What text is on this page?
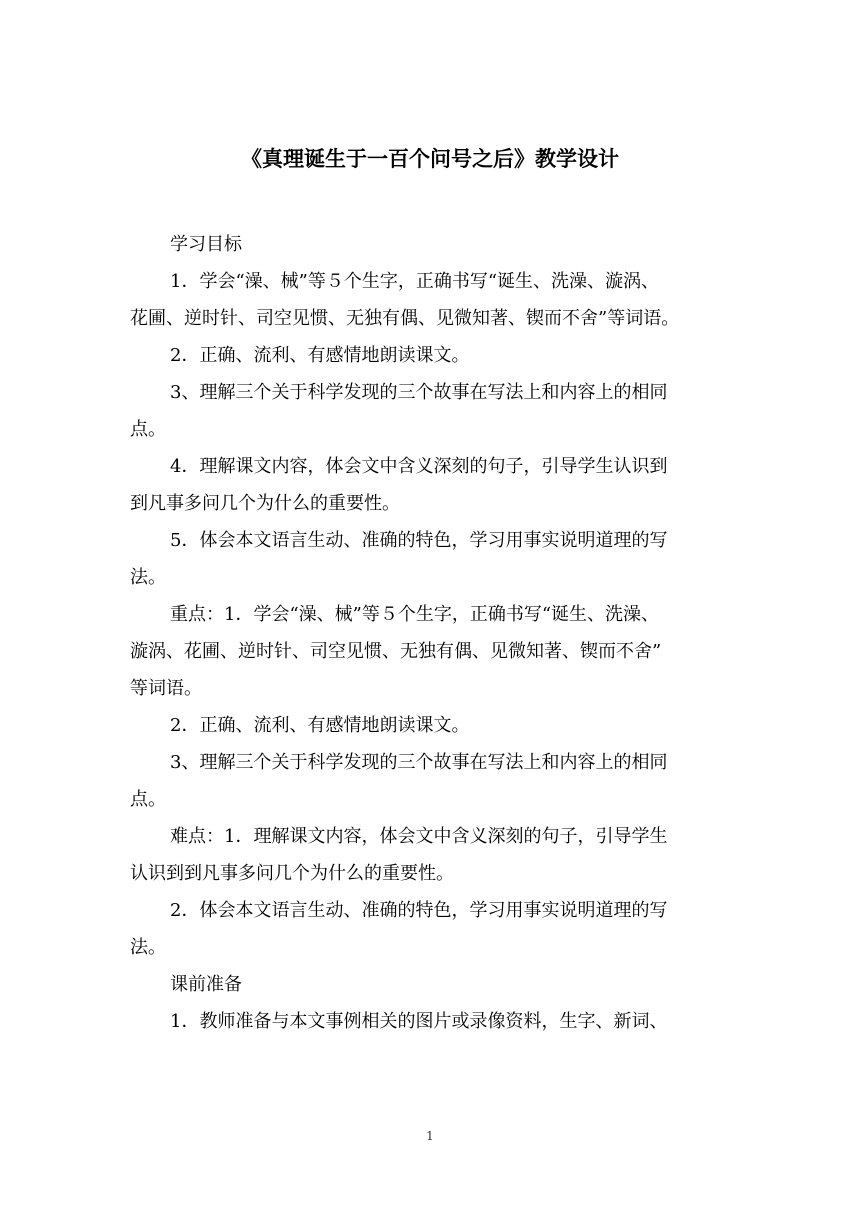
《真理诞生于一百个问号之后》教学设计
学习目标
1．学会“澡、械”等５个生字，正确书写“诞生、洗澡、漩涡、
花圃、逆时针、司空见惯、无独有偶、见微知著、锲而不舍”等词语。
2．正确、流利、有感情地朗读课文。
3、理解三个关于科学发现的三个故事在写法上和内容上的相同
点。
4．理解课文内容，体会文中含义深刻的句子，引导学生认识到
到凡事多问几个为什么的重要性。
5．体会本文语言生动、准确的特色，学习用事实说明道理的写
法。
重点：1．学会“澡、械”等５个生字，正确书写“诞生、洗澡、
漩涡、花圃、逆时针、司空见惯、无独有偶、见微知著、锲而不舍”
等词语。
2．正确、流利、有感情地朗读课文。
3、理解三个关于科学发现的三个故事在写法上和内容上的相同
点。
难点：1．理解课文内容，体会文中含义深刻的句子，引导学生
认识到到凡事多问几个为什么的重要性。
2．体会本文语言生动、准确的特色，学习用事实说明道理的写
法。
课前准备
1．教师准备与本文事例相关的图片或录像资料，生字、新词、
1
